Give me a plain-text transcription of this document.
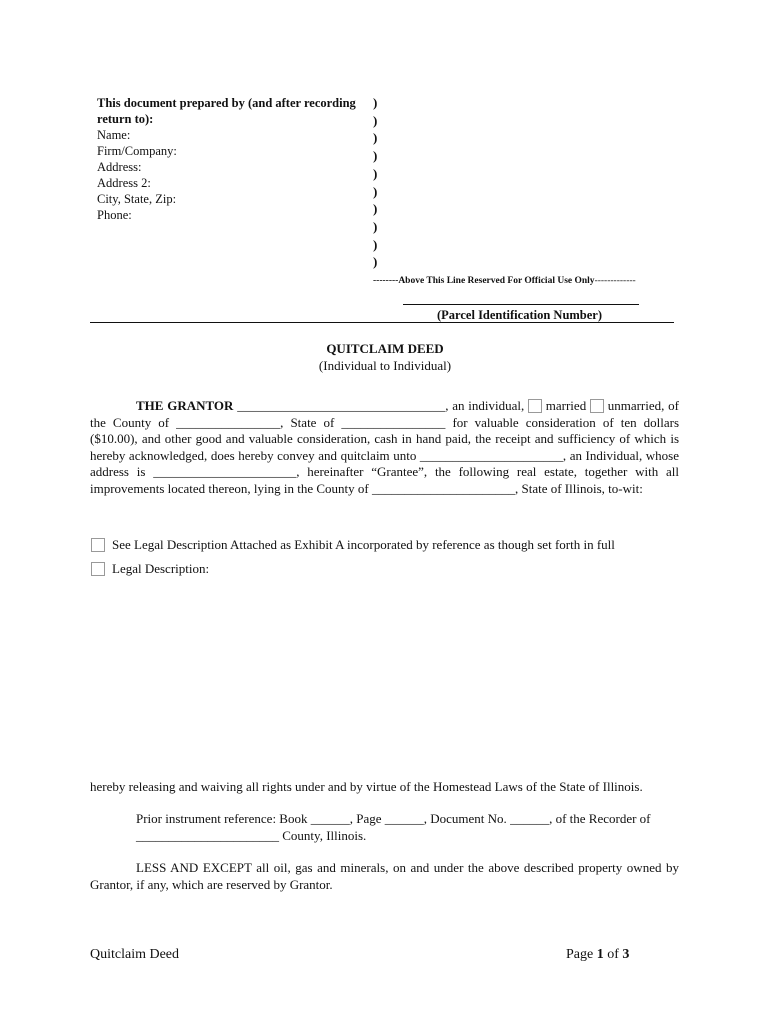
This document prepared by (and after recording return to):
Name:
Firm/Company:
Address:
Address 2:
City, State, Zip:
Phone:
)
)
)
)
)
)
)
)
)
)
--------Above This Line Reserved For Official Use Only-------------
(Parcel Identification Number)
QUITCLAIM DEED
(Individual to Individual)
THE GRANTOR ________________________________, an individual, married unmarried, of the County of ________________, State of ________________ for valuable consideration of ten dollars ($10.00), and other good and valuable consideration, cash in hand paid, the receipt and sufficiency of which is hereby acknowledged, does hereby convey and quitclaim unto ______________________, an Individual, whose address is ______________________, hereinafter “Grantee”, the following real estate, together with all improvements located thereon, lying in the County of ______________________, State of Illinois, to-wit:
See Legal Description Attached as Exhibit A incorporated by reference as though set forth in full
Legal Description:
hereby releasing and waiving all rights under and by virtue of the Homestead Laws of the State of Illinois.
Prior instrument reference: Book ______, Page ______, Document No. ______, of the Recorder of ______________________ County, Illinois.
LESS AND EXCEPT all oil, gas and minerals, on and under the above described property owned by Grantor, if any, which are reserved by Grantor.
Quitclaim Deed	Page 1 of 3
